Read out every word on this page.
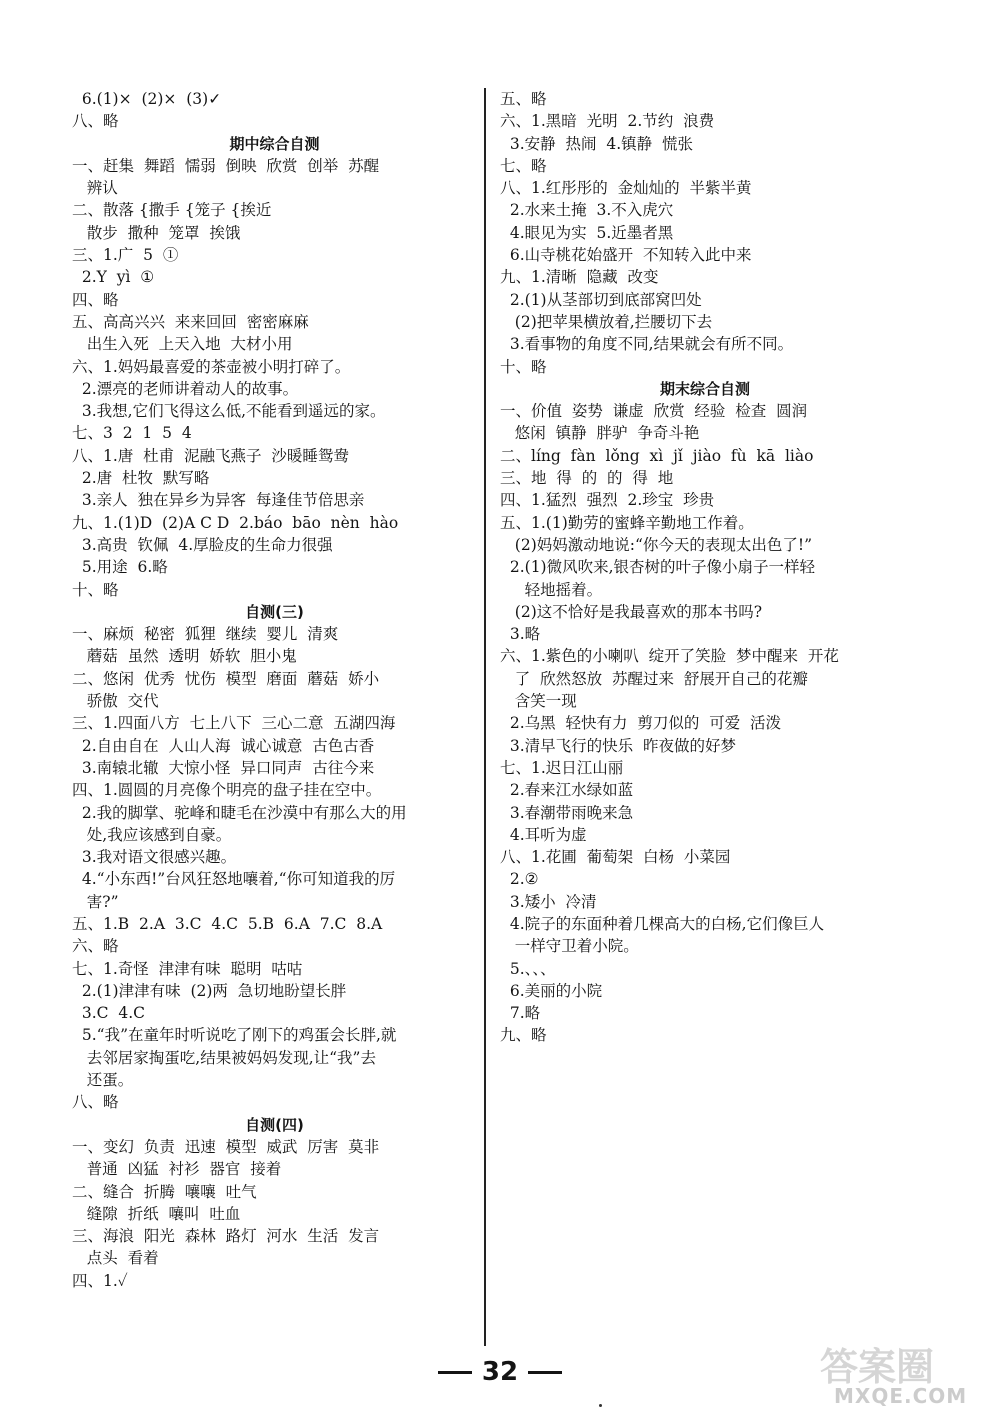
6.(1)×  (2)×  (3)✓
八、略
期中综合自测
一、赶集  舞蹈  懦弱  倒映  欣赏  创举  苏醒
辨认
二、散落 {撒手 {笼子 {挨近
散步  撒种  笼罩  挨饿
三、1.广  5  ①
2.Y  yì  ①
四、略
五、高高兴兴  来来回回  密密麻麻
出生入死  上天入地  大材小用
六、1.妈妈最喜爱的茶壶被小明打碎了。
2.漂亮的老师讲着动人的故事。
3.我想,它们飞得这么低,不能看到遥远的家。
七、3  2  1  5  4
八、1.唐  杜甫  泥融飞燕子  沙暖睡鸳鸯
2.唐  杜牧  默写略
3.亲人  独在异乡为异客  每逢佳节倍思亲
九、1.(1)D  (2)A C D  2.báo  bāo  nèn  hào
3.高贵  钦佩  4.厚脸皮的生命力很强
5.用途  6.略
十、略
自测(三)
一、麻烦  秘密  狐狸  继续  婴儿  清爽
蘑菇  虽然  透明  娇软  胆小鬼
二、悠闲  优秀  忧伤  模型  磨面  蘑菇  娇小
骄傲  交代
三、1.四面八方  七上八下  三心二意  五湖四海
2.自由自在  人山人海  诚心诚意  古色古香
3.南辕北辙  大惊小怪  异口同声  古往今来
四、1.圆圆的月亮像个明亮的盘子挂在空中。
2.我的脚掌、驼峰和睫毛在沙漠中有那么大的用
处,我应该感到自豪。
3.我对语文很感兴趣。
4.“小东西!”台风狂怒地嚷着,“你可知道我的厉
害?”
五、1.B  2.A  3.C  4.C  5.B  6.A  7.C  8.A
六、略
七、1.奇怪  津津有味  聪明  咕咕
2.(1)津津有味  (2)两  急切地盼望长胖
3.C  4.C
5.“我”在童年时听说吃了刚下的鸡蛋会长胖,就
去邻居家掏蛋吃,结果被妈妈发现,让“我”去
还蛋。
八、略
自测(四)
一、变幻  负责  迅速  模型  威武  厉害  莫非
普通  凶猛  衬衫  器官  接着
二、缝合  折腾  嚷嚷  吐气
缝隙  折纸  嚷叫  吐血
三、海浪  阳光  森林  路灯  河水  生活  发言
点头  看着
四、1.✓
五、略
六、1.黑暗  光明  2.节约  浪费
3.安静  热闹  4.镇静  慌张
七、略
八、1.红彤彤的  金灿灿的  半紫半黄
2.水来土掩  3.不入虎穴
4.眼见为实  5.近墨者黑
6.山寺桃花始盛开  不知转入此中来
九、1.清晰  隐藏  改变
2.(1)从茎部切到底部窝凹处
(2)把苹果横放着,拦腰切下去
3.看事物的角度不同,结果就会有所不同。
十、略
期末综合自测
一、价值  姿势  谦虚  欣赏  经验  检查  圆润
悠闲  镇静  胖驴  争奇斗艳
二、líng  fàn  lǒng  xì  jǐ  jiào  fù  kā  liào
三、地  得  的  的  得  地
四、1.猛烈  强烈  2.珍宝  珍贵
五、1.(1)勤劳的蜜蜂辛勤地工作着。
(2)妈妈激动地说:“你今天的表现太出色了!”
2.(1)微风吹来,银杏树的叶子像小扇子一样轻
轻地摇着。
(2)这不恰好是我最喜欢的那本书吗?
3.略
六、1.紫色的小喇叭  绽开了笑脸  梦中醒来  开花
了  欣然怒放  苏醒过来  舒展开自己的花瓣
含笑一现
2.乌黑  轻快有力  剪刀似的  可爱  活泼
3.清早飞行的快乐  昨夜做的好梦
七、1.迟日江山丽
2.春来江水绿如蓝
3.春潮带雨晚来急
4.耳听为虚
八、1.花圃  葡萄架  白杨  小菜园
2.②
3.矮小  冷清
4.院子的东面种着几棵高大的白杨,它们像巨人
一样守卫着小院。
5.、、、
6.美丽的小院
7.略
九、略
32	答案圈
MXQE.COM
